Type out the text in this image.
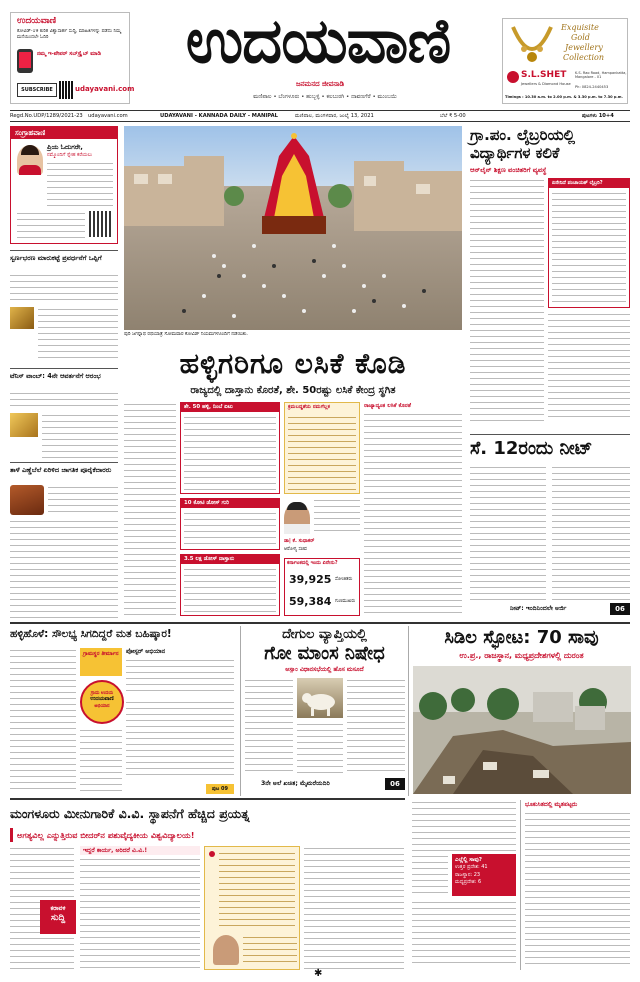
ಉದಯವಾಣಿ
ಕೋವಿಡ್-19 ಕುರಿತ ವಿಶ್ವಾಸಾರ್ಹ ಸುದ್ದಿ, ಮಾಹಿತಿಗಳನ್ನು ಪಡೆದು ನಿಮ್ಮ ಮನೆಯಿಂದಲೇ ಓದಿರಿ
ನಮ್ಮ ಇ-ಪೇಪರ್ ಸಬ್‌ಸ್ಕ್ರೈಬ್‌ ಮಾಡಿ
SUBSCRIBE	udayavani.com
ಉದಯವಾಣಿ
ಜನಮನದ ಜೀವನಾಡಿ
ಮಣಿಪಾಲ • ಬೆಂಗಳೂರು • ಹುಬ್ಬಳ್ಳಿ • ಕಲಬುರಗಿ • ದಾವಣಗೆರೆ • ಮುಂಬಯಿ
Exquisite
Gold
Jewellery
Collection
S.L.SHET
Jewellers & Diamond House
K.S. Rao Road, Hampankatta, Mangalore - 01
Ph: 0824-2440453
Timings : 10.30 a.m. to 2.00 p.m. & 3.30 p.m. to 7.30 p.m.
Regd.No.UDP/1289/2021-23 udayavani.com	UDAYAVANI - KANNADA DAILY - MANIPAL	ಮಣಿಪಾಲ, ಮಂಗಳವಾರ, ಜುಲೈ 13, 2021	ಬೆಲೆ ₹ 5-00	ಪುಟಗಳು 10+4
ಸಂಗ್ರಾಹವಾಣಿ
ಪ್ರಿಯ ಓದುಗರೇ,
ನಮ್ಮೊಂದಿಗೆ ಸ್ನೇಹ ಕರೆಯಲು
ಸ್ವರ್ಣಭರಣ ಮಾರುಕಟ್ಟೆ ಪ್ರವರ್ಧನೆಗೆ ಒಪ್ಪಿಗೆ
ಟೆನಿಸ್ ವಾಂಬ್: 4ನೇ ಆವರ್ತನೆಗೆ ಆರಂಭ
ತಾಳೆ ಎಣ್ಣೆಬೆಲೆ ಏರಿಳಿದ ಜಾಗತಿಕ ಪೂರೈಕೆದಾರರು
ಪುರಿ ಜಗನ್ನಾಥ ರಥಯಾತ್ರೆ ಸೋಮವಾರ ಕೋವಿಡ್ ನಿಯಮಗಳೊಂದಿಗೆ ನಡೆಯಿತು.
ಗ್ರಾ.ಪಂ. ಲೈಬ್ರರಿಯಲ್ಲಿ ವಿದ್ಯಾರ್ಥಿಗಳ ಕಲಿಕೆ
ಆನ್‌ಲೈನ್ ಶಿಕ್ಷಣ ವಂಚಿತರಿಗೆ ವ್ಯವಸ್ಥೆ
ಏನೇನಿದೆ ಪಂಚಾಯತ್ ಲೈಬ್ರರಿ?
ಹಳ್ಳಿಗರಿಗೂ ಲಸಿಕೆ ಕೊಡಿ
ರಾಜ್ಯದಲ್ಲಿ ದಾಸ್ತಾನು ಕೊರತೆ, ಶೇ. 50ರಷ್ಟು ಲಸಿಕೆ ಕೇಂದ್ರ ಸ್ಥಗಿತ
ಶೇ. 50 ಹಳ್ಳಿ, ನಿಂಬೆ ಏಟು
10 ಕೋಟಿ ಡೋಸ್ ಗುರಿ
3.5 ಲಕ್ಷ ಡೋಸ್ ದಾಸ್ತಾನು
ಕ್ರಮಬದ್ಧತೆಯ ನಮಗೆಲ್ಲಕ
ಡಾ| ಕೆ. ಸುಧಾಕರ್
ಆರೋಗ್ಯ ಸಚಿವ
ಕರ್ನಾಟಕದಲ್ಲಿ ಇಂದು ಏನೇನು?
39,925 ಸೋಂಕಿತರು
59,384 ಗುಣಮುಖರು
ರಾಜ್ಯಾದ್ಯಂತ ಲಸಿಕೆ ಕೊರತೆ
ಸೆ. 12ರಂದು ನೀಟ್
ನೀಟ್: ಇಂದಿನಿಂದಲೇ ಅರ್ಜಿ	06
ಹಳ್ಳಿಹೊಳೆ: ಸೌಲಭ್ಯ ಸಿಗದಿದ್ದರೆ ಮತ ಬಹಿಷ್ಕಾರ!
ಗ್ರಾಮಸ್ಥರ ತೀರ್ಮಾನ	ಪೋಸ್ಟರ್ ಅಭಿಯಾನ
ಗ್ರಾಮ ಉದಯ
ಉದಯವಾಣಿ
ಅಭಿಯಾನ
ಪುಟ 09
ದೇಗುಲ ವ್ಯಾಪ್ತಿಯಲ್ಲಿ
ಗೋ ಮಾಂಸ ನಿಷೇಧ
ಅಸ್ಸಾಂ ವಿಧಾನಸಭೆಯಲ್ಲಿ ಹೊಸ ಮಸೂದೆ
3ನೇ ಅಲೆ ಖಚಿತ; ಮೈಮರೆಯದಿರಿ	06
ಸಿಡಿಲ ಸ್ಫೋಟ: 70 ಸಾವು
ಉ.ಪ್ರ., ರಾಜಸ್ಥಾನ, ಮಧ್ಯಪ್ರದೇಶಗಳಲ್ಲಿ ದುರಂತ
ಮಂಗಳೂರು ಮೀನುಗಾರಿಕೆ ವಿ.ವಿ. ಸ್ಥಾಪನೆಗೆ ಹೆಚ್ಚಿದ ಪ್ರಯತ್ನ
ಅಗತ್ಯವಿಲ್ಲ ಎನ್ನುತ್ತಿರುವ ಬೀದರ್‌ನ ಪಶುವೈದ್ಯಕೀಯ ವಿಶ್ವವಿದ್ಯಾಲಯ!
ಕರಾವಳಿ
ಸುದ್ದಿ
ಇದ್ದರೆ ಕಾರ್ಯ, ಅರಿದರೆ ವಿ.ವಿ.!
ಎಲ್ಲೆಲ್ಲಿ ಸಾವು?
ಉತ್ತರ ಪ್ರದೇಶ: 41
ರಾಜಸ್ಥಾನ: 23
ಮಧ್ಯಪ್ರದೇಶ: 6
ಭೂಕುಸಿತದಲ್ಲಿ ಮೃತಪಟ್ಟರು
✱
